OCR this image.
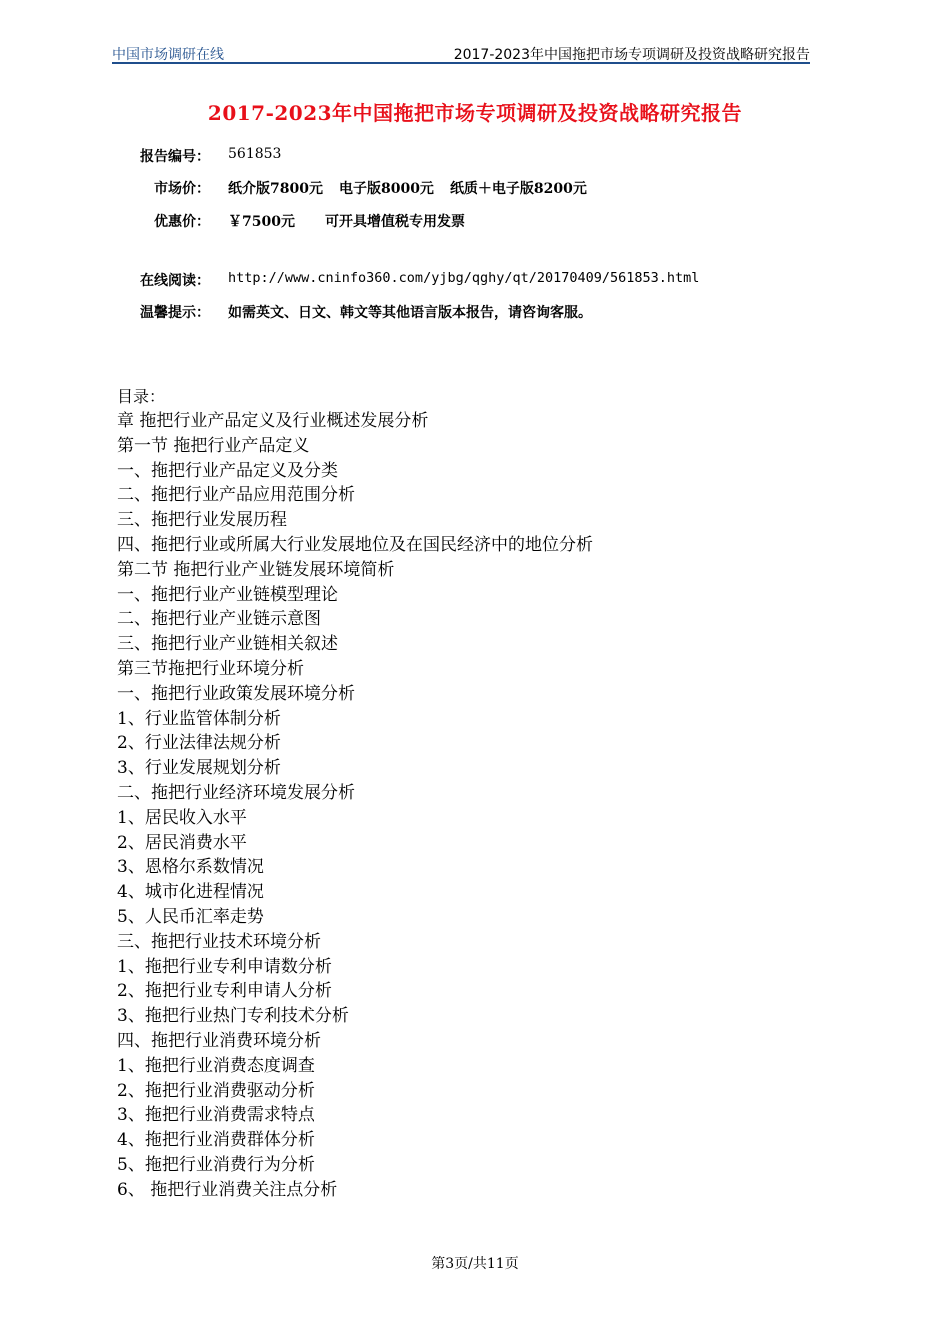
中国市场调研在线	2017-2023年中国拖把市场专项调研及投资战略研究报告
2017-2023年中国拖把市场专项调研及投资战略研究报告
报告编号： 561853
市场价： 纸介版7800元 电子版8000元 纸质＋电子版8200元
优惠价： ￥7500元 可开具增值税专用发票
在线阅读： http://www.cninfo360.com/yjbg/qghy/qt/20170409/561853.html
温馨提示： 如需英文、日文、韩文等其他语言版本报告，请咨询客服。
目录：
章 拖把行业产品定义及行业概述发展分析
第一节 拖把行业产品定义
一、拖把行业产品定义及分类
二、拖把行业产品应用范围分析
三、拖把行业发展历程
四、拖把行业或所属大行业发展地位及在国民经济中的地位分析
第二节 拖把行业产业链发展环境简析
一、拖把行业产业链模型理论
二、拖把行业产业链示意图
三、拖把行业产业链相关叙述
第三节拖把行业环境分析
一、拖把行业政策发展环境分析
1、行业监管体制分析
2、行业法律法规分析
3、行业发展规划分析
二、拖把行业经济环境发展分析
1、居民收入水平
2、居民消费水平
3、恩格尔系数情况
4、城市化进程情况
5、人民币汇率走势
三、拖把行业技术环境分析
1、拖把行业专利申请数分析
2、拖把行业专利申请人分析
3、拖把行业热门专利技术分析
四、拖把行业消费环境分析
1、拖把行业消费态度调查
2、拖把行业消费驱动分析
3、拖把行业消费需求特点
4、拖把行业消费群体分析
5、拖把行业消费行为分析
6、 拖把行业消费关注点分析
第3页/共11页
